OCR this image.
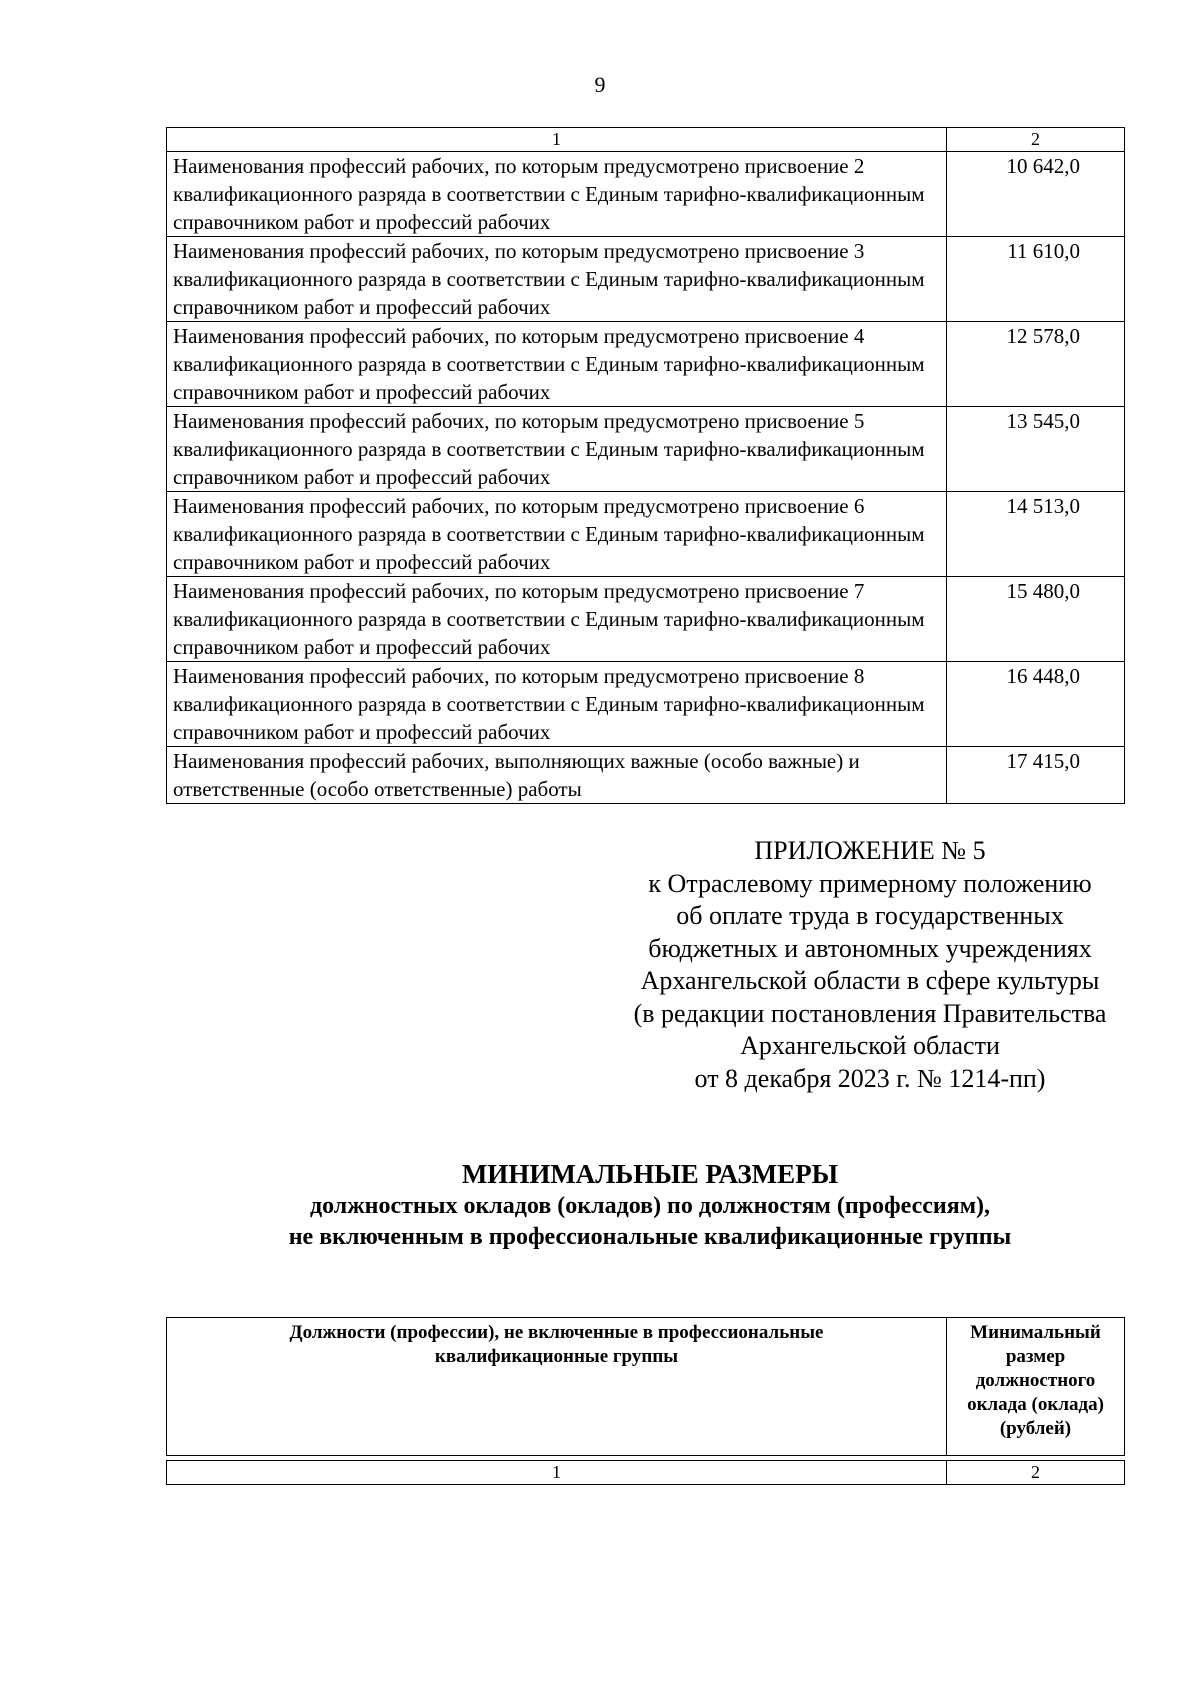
9
1	2
Наименования профессий рабочих, по которым предусмотрено присвоение 2 квалификационного разряда в соответствии с Единым тарифно-квалификационным справочником работ и профессий рабочих	10 642,0
Наименования профессий рабочих, по которым предусмотрено присвоение 3 квалификационного разряда в соответствии с Единым тарифно-квалификационным справочником работ и профессий рабочих	11 610,0
Наименования профессий рабочих, по которым предусмотрено присвоение 4 квалификационного разряда в соответствии с Единым тарифно-квалификационным справочником работ и профессий рабочих	12 578,0
Наименования профессий рабочих, по которым предусмотрено присвоение 5 квалификационного разряда в соответствии с Единым тарифно-квалификационным справочником работ и профессий рабочих	13 545,0
Наименования профессий рабочих, по которым предусмотрено присвоение 6 квалификационного разряда в соответствии с Единым тарифно-квалификационным справочником работ и профессий рабочих	14 513,0
Наименования профессий рабочих, по которым предусмотрено присвоение 7 квалификационного разряда в соответствии с Единым тарифно-квалификационным справочником работ и профессий рабочих	15 480,0
Наименования профессий рабочих, по которым предусмотрено присвоение 8 квалификационного разряда в соответствии с Единым тарифно-квалификационным справочником работ и профессий рабочих	16 448,0
Наименования профессий рабочих, выполняющих важные (особо важные) и ответственные (особо ответственные) работы	17 415,0
ПРИЛОЖЕНИЕ № 5
к Отраслевому примерному положению
об оплате труда в государственных
бюджетных и автономных учреждениях
Архангельской области в сфере культуры
(в редакции постановления Правительства
Архангельской области
от 8 декабря 2023 г. № 1214-пп)
МИНИМАЛЬНЫЕ РАЗМЕРЫ
должностных окладов (окладов) по должностям (профессиям),
не включенным в профессиональные квалификационные группы
Должности (профессии), не включенные в профессиональные квалификационные группы	Минимальный размер должностного оклада (оклада) (рублей)

1	2
